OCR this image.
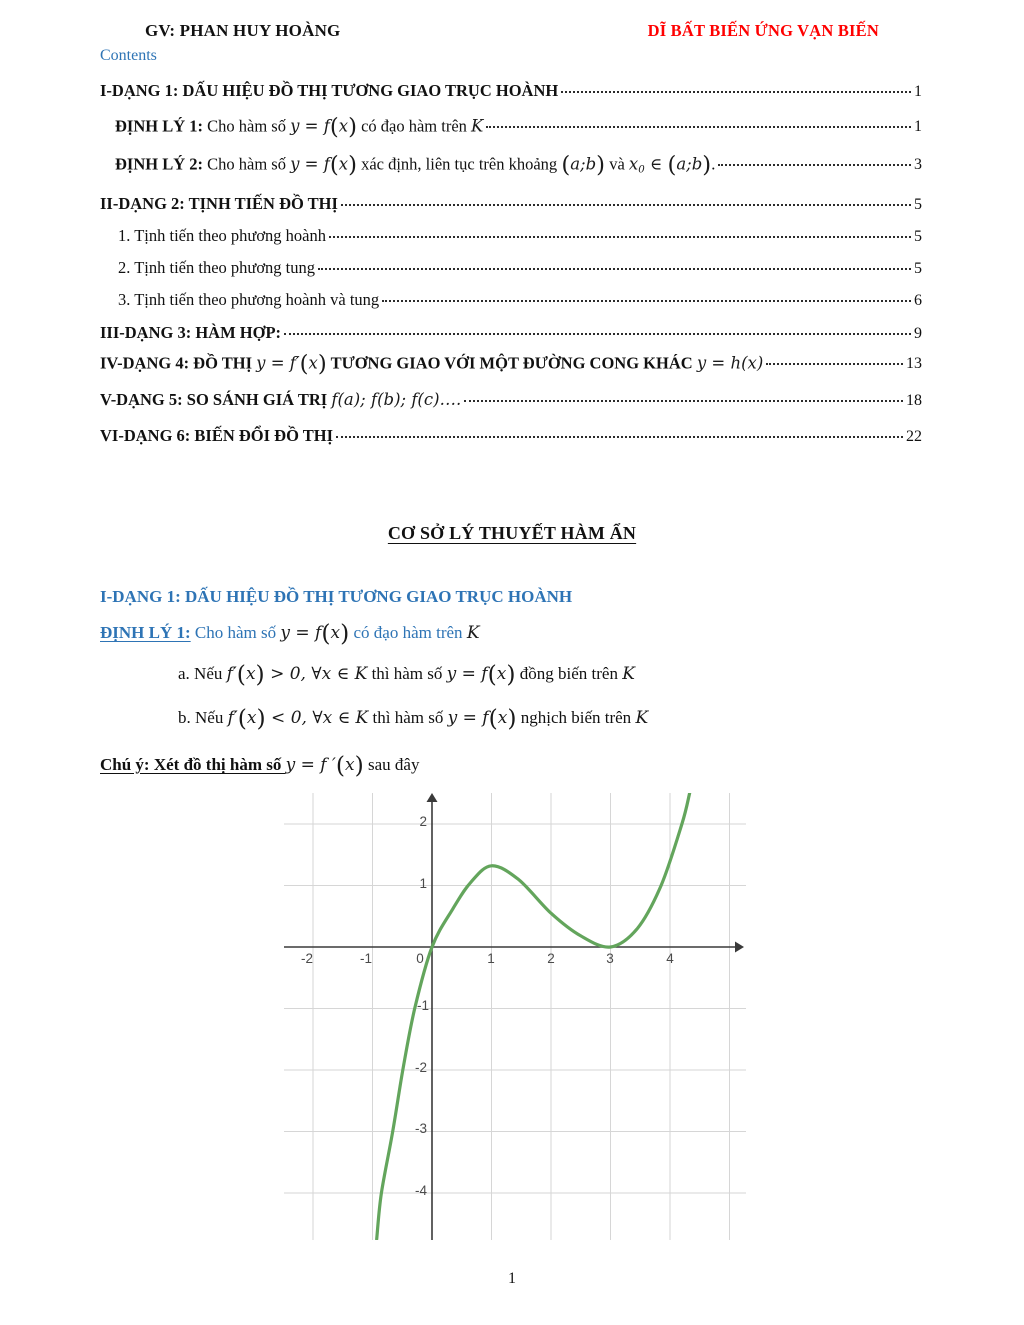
GV: PHAN HUY HOÀNG	DĨ BẤT BIẾN ỨNG VẠN BIẾN
Contents
I-DẠNG 1: DẤU HIỆU ĐỒ THỊ TƯƠNG GIAO TRỤC HOÀNH	1
ĐỊNH LÝ 1: Cho hàm số y = f(x) có đạo hàm trên K	1
ĐỊNH LÝ 2: Cho hàm số y = f(x) xác định, liên tục trên khoảng (a;b) và x0 ∈ (a;b).	3
II-DẠNG 2: TỊNH TIẾN ĐỒ THỊ	5
1. Tịnh tiến theo phương hoành	5
2. Tịnh tiến theo phương tung	5
3. Tịnh tiến theo phương hoành và tung	6
III-DẠNG 3: HÀM HỢP:	9
IV-DẠNG 4: ĐỒ THỊ y = f′(x) TƯƠNG GIAO VỚI MỘT ĐƯỜNG CONG KHÁC y = h(x)	13
V-DẠNG 5: SO SÁNH GIÁ TRỊ f(a); f(b); f(c)….	18
VI-DẠNG 6: BIẾN ĐỔI ĐỒ THỊ	22
CƠ SỞ LÝ THUYẾT HÀM ẨN
I-DẠNG 1: DẤU HIỆU ĐỒ THỊ TƯƠNG GIAO TRỤC HOÀNH
ĐỊNH LÝ 1: Cho hàm số y = f(x) có đạo hàm trên K
a. Nếu f′(x) > 0, ∀x ∈ K thì hàm số y = f(x) đồng biến trên K
b. Nếu f′(x) < 0, ∀x ∈ K thì hàm số y = f(x) nghịch biến trên K
Chú ý: Xét đồ thị hàm số y = f ′(x) sau đây
-2	-1	0	1	2	3	4
2
1
-1
-2
-3
-4
1
